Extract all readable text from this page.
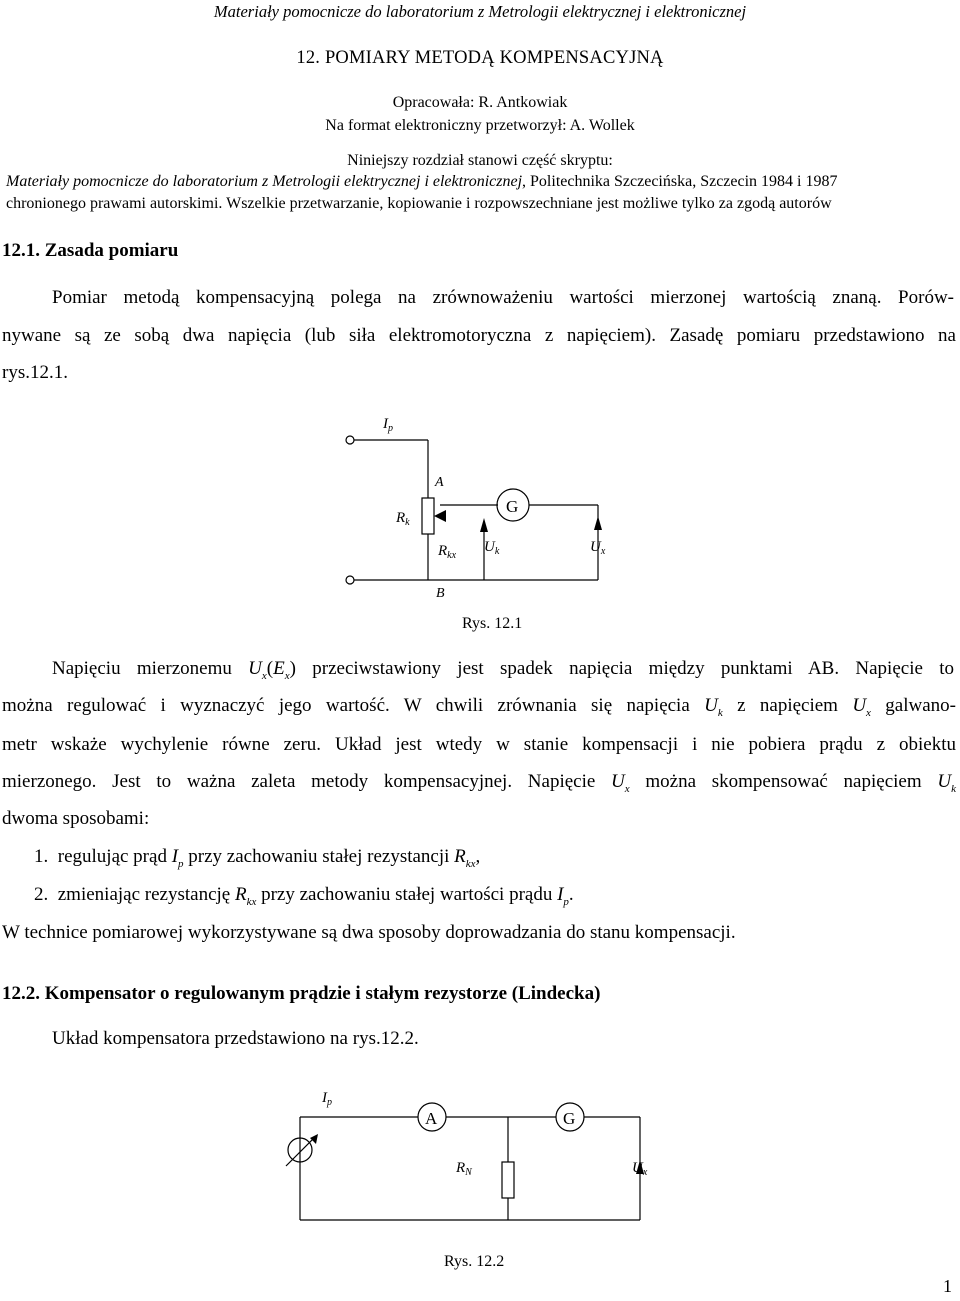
Materiały pomocnicze do laboratorium z Metrologii elektrycznej i elektronicznej
12. POMIARY METODĄ KOMPENSACYJNĄ
Opracowała: R. Antkowiak
Na format elektroniczny przetworzył: A. Wollek
Niniejszy rozdział stanowi część skryptu:
Materiały pomocnicze do laboratorium z Metrologii elektrycznej i elektronicznej, Politechnika Szczecińska, Szczecin 1984 i 1987
chronionego prawami autorskimi. Wszelkie przetwarzanie, kopiowanie i rozpowszechniane jest możliwe tylko za zgodą autorów
12.1. Zasada pomiaru
Pomiar metodą kompensacyjną polega na zrównoważeniu wartości mierzonej wartością znaną. Porów-
nywane są ze sobą dwa napięcia (lub siła elektromotoryczna z napięciem). Zasadę pomiaru przedstawiono na
rys.12.1.
$I_p$
A
$R_k$
G
$R_{kx}$
$U_k$	$U_x$
B
Rys. 12.1
Napięciu mierzonemu $U_x(E_x)$ przeciwstawiony jest spadek napięcia między punktami AB. Napięcie to
można regulować i wyznaczyć jego wartość. W chwili zrównania się napięcia $U_k$ z napięciem $U_x$ galwano-
metr wskaże wychylenie równe zeru. Układ jest wtedy w stanie kompensacji i nie pobiera prądu z obiektu
mierzonego. Jest to ważna zaleta metody kompensacyjnej. Napięcie $U_x$ można skompensować napięciem $U_k$
dwoma sposobami:
1. regulując prąd $I_p$ przy zachowaniu stałej rezystancji $R_{kx}$,
2. zmieniając rezystancję $R_{kx}$ przy zachowaniu stałej wartości prądu $I_p$.
W technice pomiarowej wykorzystywane są dwa sposoby doprowadzania do stanu kompensacji.
12.2. Kompensator o regulowanym prądzie i stałym rezystorze (Lindecka)
Układ kompensatora przedstawiono na rys.12.2.
$I_p$
A	G
$R_N$	$U_x$
Rys. 12.2
1
